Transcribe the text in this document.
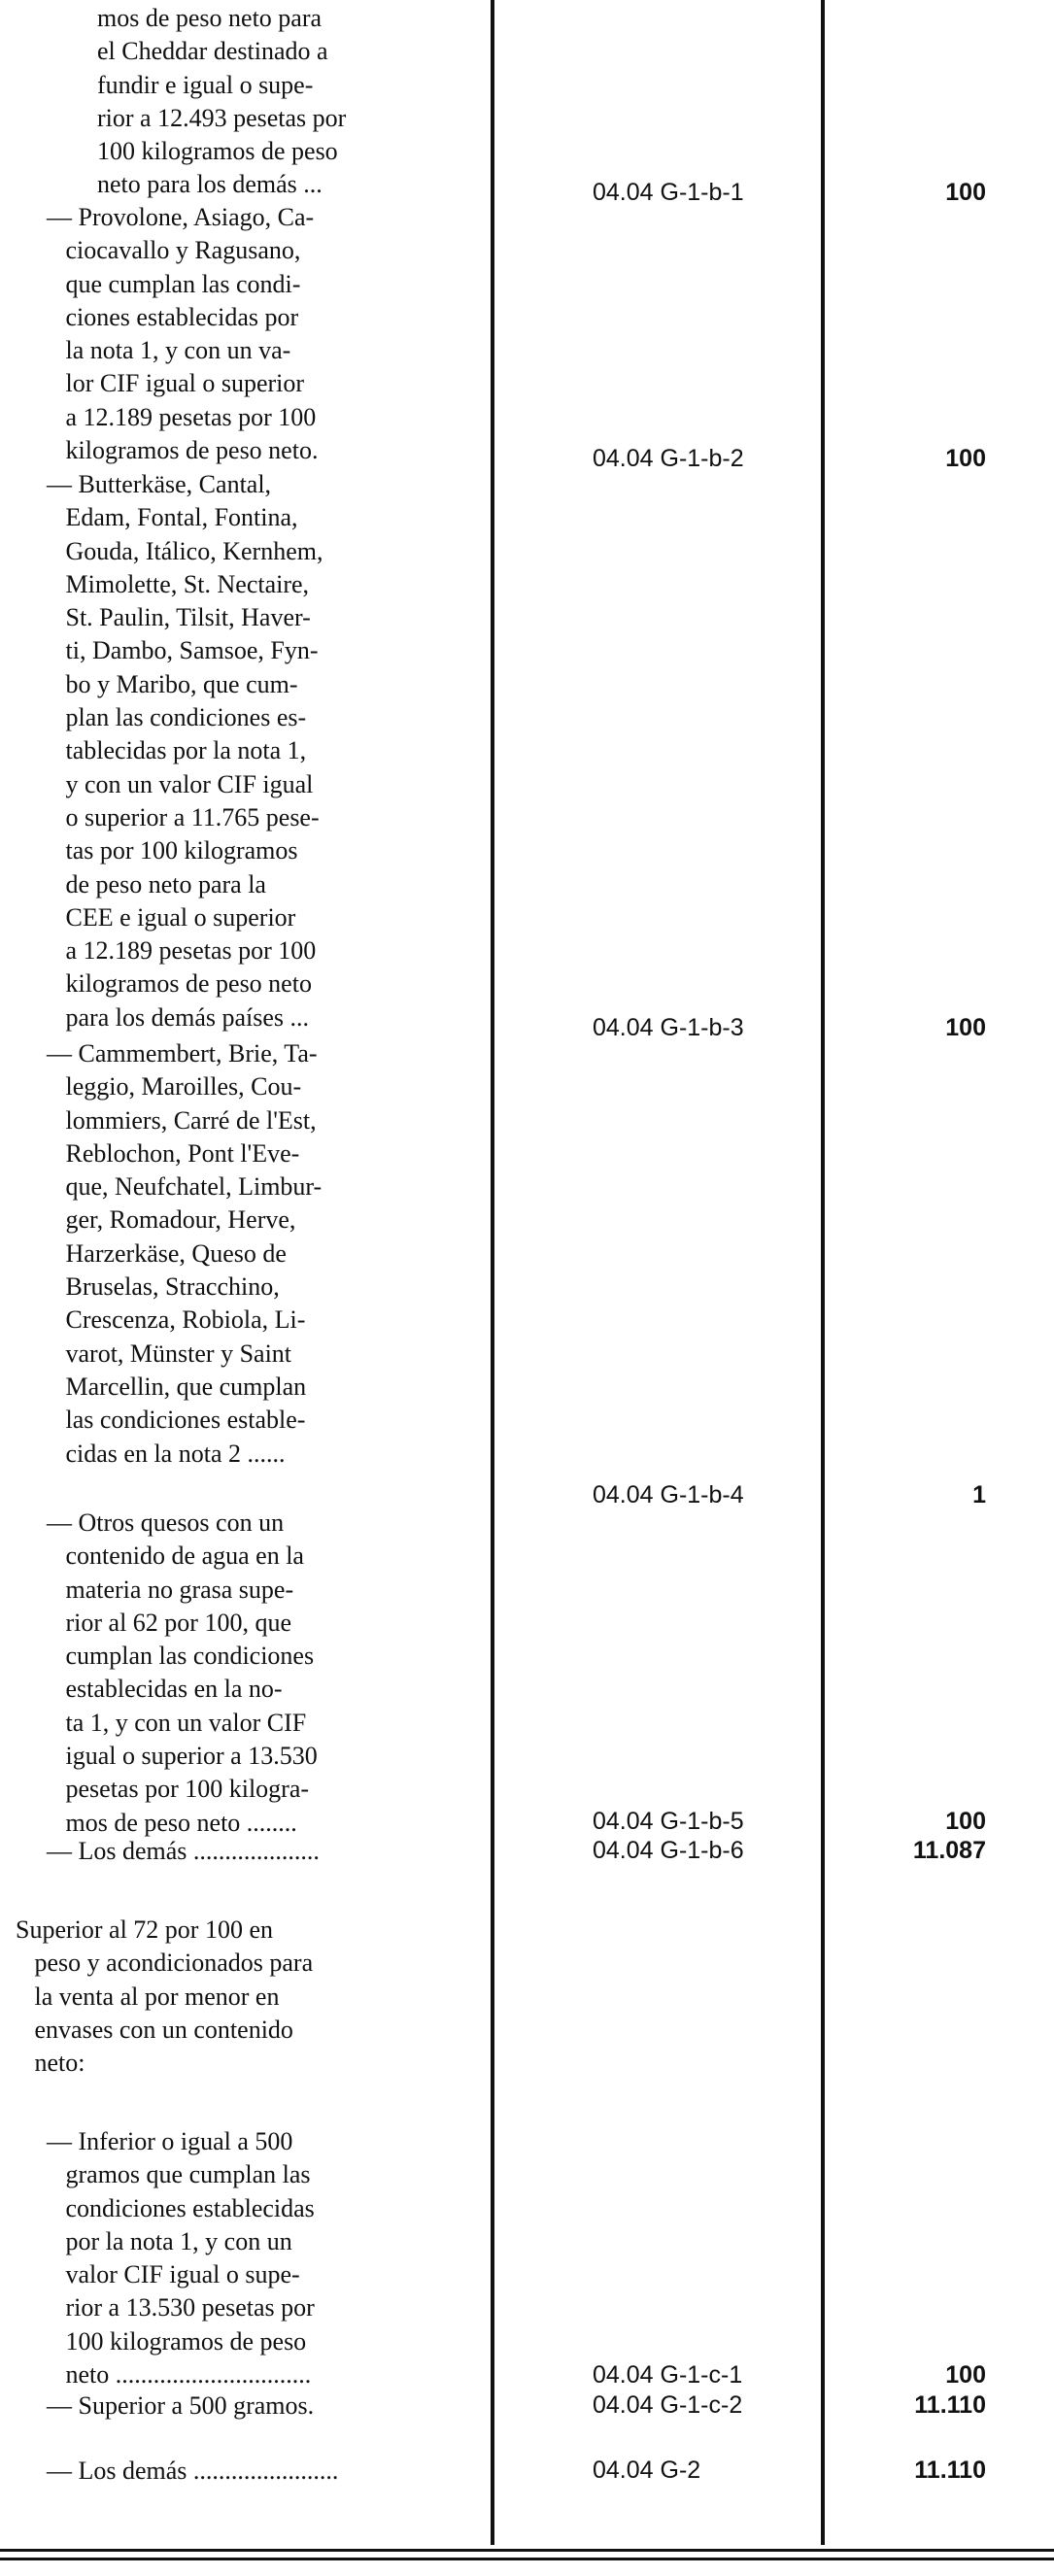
mos de peso neto para
el Cheddar destinado a
fundir e igual o supe-
rior a 12.493 pesetas por
100 kilogramos de peso
neto para los demás ...	04.04 G-1-b-1	100
— Provolone, Asiago, Ca-
ciocavallo y Ragusano,
que cumplan las condi-
ciones establecidas por
la nota 1, y con un va-
lor CIF igual o superior
a 12.189 pesetas por 100
kilogramos de peso neto.	04.04 G-1-b-2	100
— Butterkäse, Cantal,
Edam, Fontal, Fontina,
Gouda, Itálico, Kernhem,
Mimolette, St. Nectaire,
St. Paulin, Tilsit, Haver-
ti, Dambo, Samsoe, Fyn-
bo y Maribo, que cum-
plan las condiciones es-
tablecidas por la nota 1,
y con un valor CIF igual
o superior a 11.765 pese-
tas por 100 kilogramos
de peso neto para la
CEE e igual o superior
a 12.189 pesetas por 100
kilogramos de peso neto
para los demás países ...	04.04 G-1-b-3	100
— Cammembert, Brie, Ta-
leggio, Maroilles, Cou-
lommiers, Carré de l'Est,
Reblochon, Pont l'Eve-
que, Neufchatel, Limbur-
ger, Romadour, Herve,
Harzerkäse, Queso de
Bruselas, Stracchino,
Crescenza, Robiola, Li-
varot, Münster y Saint
Marcellin, que cumplan
las condiciones estable-
cidas en la nota 2 ......
04.04 G-1-b-4	1
— Otros quesos con un
contenido de agua en la
materia no grasa supe-
rior al 62 por 100, que
cumplan las condiciones
establecidas en la no-
ta 1, y con un valor CIF
igual o superior a 13.530
pesetas por 100 kilogra-
mos de peso neto ........	04.04 G-1-b-5	100
— Los demás ....................	04.04 G-1-b-6	11.087
Superior al 72 por 100 en
peso y acondicionados para
la venta al por menor en
envases con un contenido
neto:
— Inferior o igual a 500
gramos que cumplan las
condiciones establecidas
por la nota 1, y con un
valor CIF igual o supe-
rior a 13.530 pesetas por
100 kilogramos de peso
neto ...............................	04.04 G-1-c-1	100
— Superior a 500 gramos.	04.04 G-1-c-2	11.110
— Los demás .......................	04.04 G-2	11.110
